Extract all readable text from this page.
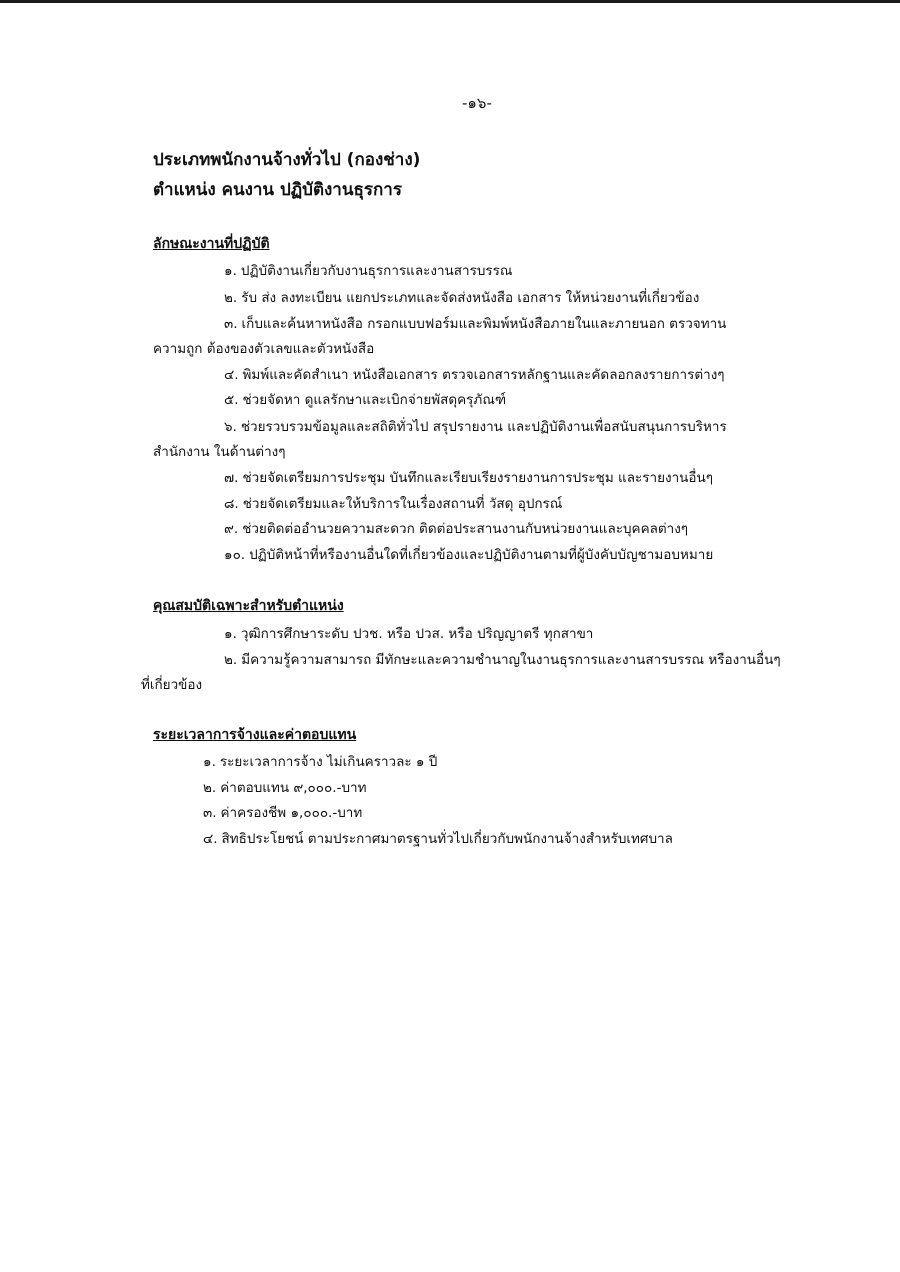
-๑๖-
ประเภทพนักงานจ้างทั่วไป (กองช่าง)
ตำแหน่ง คนงาน ปฏิบัติงานธุรการ
ลักษณะงานที่ปฏิบัติ
๑. ปฏิบัติงานเกี่ยวกับงานธุรการและงานสารบรรณ
๒. รับ ส่ง ลงทะเบียน แยกประเภทและจัดส่งหนังสือ เอกสาร ให้หน่วยงานที่เกี่ยวข้อง
๓. เก็บและค้นหาหนังสือ กรอกแบบฟอร์มและพิมพ์หนังสือภายในและภายนอก ตรวจทาน
ความถูก ต้องของตัวเลขและตัวหนังสือ
๔. พิมพ์และคัดสำเนา หนังสือเอกสาร ตรวจเอกสารหลักฐานและคัดลอกลงรายการต่างๆ
๕. ช่วยจัดหา ดูแลรักษาและเบิกจ่ายพัสดุครุภัณฑ์
๖. ช่วยรวบรวมข้อมูลและสถิติทั่วไป สรุปรายงาน และปฏิบัติงานเพื่อสนับสนุนการบริหาร
สำนักงาน ในด้านต่างๆ
๗. ช่วยจัดเตรียมการประชุม บันทึกและเรียบเรียงรายงานการประชุม และรายงานอื่นๆ
๘. ช่วยจัดเตรียมและให้บริการในเรื่องสถานที่ วัสดุ อุปกรณ์
๙. ช่วยติดต่ออำนวยความสะดวก ติดต่อประสานงานกับหน่วยงานและบุคคลต่างๆ
๑๐. ปฏิบัติหน้าที่หรืองานอื่นใดที่เกี่ยวข้องและปฏิบัติงานตามที่ผู้บังคับบัญชามอบหมาย
คุณสมบัติเฉพาะสำหรับตำแหน่ง
๑. วุฒิการศึกษาระดับ ปวช. หรือ ปวส. หรือ ปริญญาตรี ทุกสาขา
๒. มีความรู้ความสามารถ มีทักษะและความชำนาญในงานธุรการและงานสารบรรณ หรืองานอื่นๆ
ที่เกี่ยวข้อง
ระยะเวลาการจ้างและค่าตอบแทน
๑. ระยะเวลาการจ้าง ไม่เกินคราวละ ๑ ปี
๒. ค่าตอบแทน ๙,๐๐๐.-บาท
๓. ค่าครองชีพ ๑,๐๐๐.-บาท
๔. สิทธิประโยชน์ ตามประกาศมาตรฐานทั่วไปเกี่ยวกับพนักงานจ้างสำหรับเทศบาล
